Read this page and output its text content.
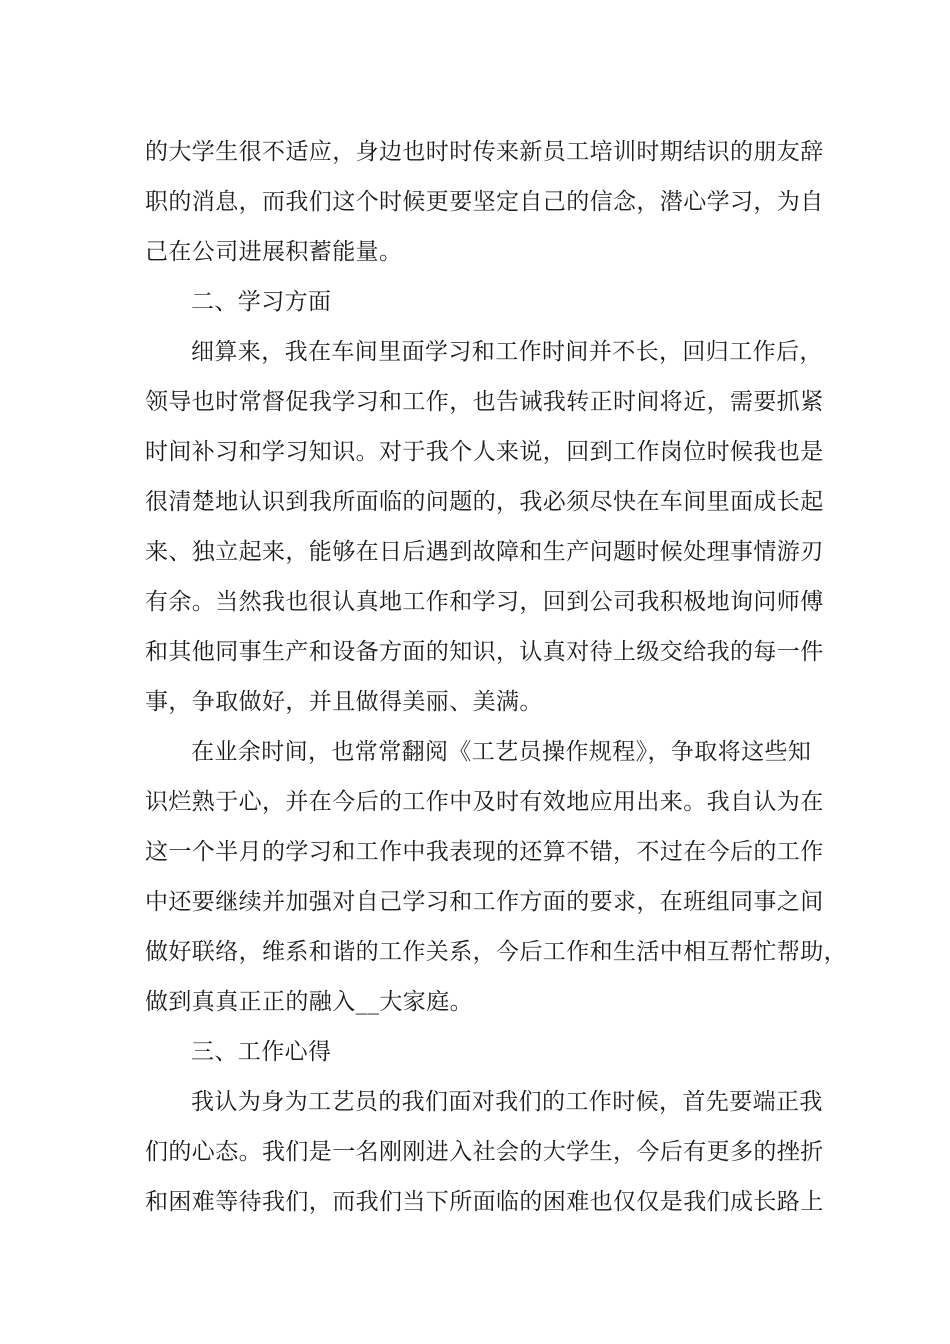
的大学生很不适应，身边也时时传来新员工培训时期结识的朋友辞
职的消息，而我们这个时候更要坚定自己的信念，潜心学习，为自
己在公司进展积蓄能量。
二、学习方面
细算来，我在车间里面学习和工作时间并不长，回归工作后，
领导也时常督促我学习和工作，也告诫我转正时间将近，需要抓紧
时间补习和学习知识。对于我个人来说，回到工作岗位时候我也是
很清楚地认识到我所面临的问题的，我必须尽快在车间里面成长起
来、独立起来，能够在日后遇到故障和生产问题时候处理事情游刃
有余。当然我也很认真地工作和学习，回到公司我积极地询问师傅
和其他同事生产和设备方面的知识，认真对待上级交给我的每一件
事，争取做好，并且做得美丽、美满。
在业余时间，也常常翻阅《工艺员操作规程》，争取将这些知
识烂熟于心，并在今后的工作中及时有效地应用出来。我自认为在
这一个半月的学习和工作中我表现的还算不错，不过在今后的工作
中还要继续并加强对自己学习和工作方面的要求，在班组同事之间
做好联络，维系和谐的工作关系，今后工作和生活中相互帮忙帮助，
做到真真正正的融入__大家庭。
三、工作心得
我认为身为工艺员的我们面对我们的工作时候，首先要端正我
们的心态。我们是一名刚刚进入社会的大学生，今后有更多的挫折
和困难等待我们，而我们当下所面临的困难也仅仅是我们成长路上
